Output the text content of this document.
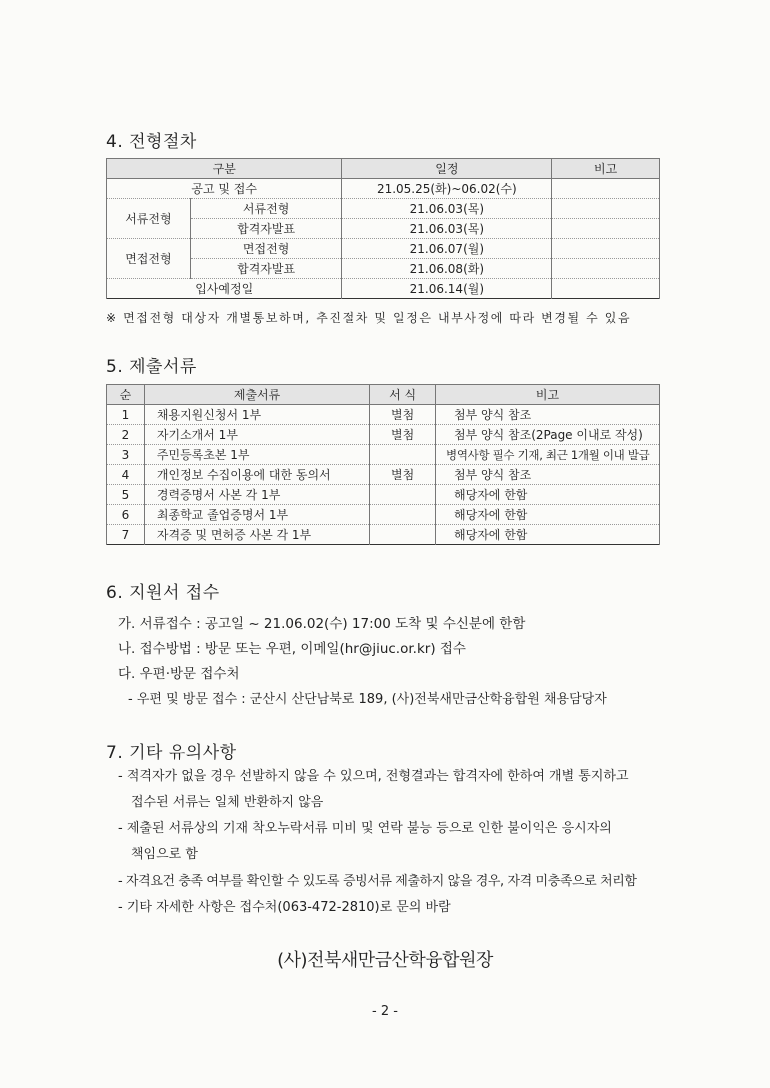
4. 전형절차
구분		일정	비고
공고 및 접수		21.05.25(화)~06.02(수)	
서류전형	서류전형	21.06.03(목)	
	합격자발표	21.06.03(목)	
면접전형	면접전형	21.06.07(월)	
	합격자발표	21.06.08(화)	
입사예정일		21.06.14(월)	
※ 면접전형 대상자 개별통보하며, 추진절차 및 일정은 내부사정에 따라 변경될 수 있음
5. 제출서류
순	제출서류	서 식	비고
1	채용지원신청서 1부	별첨	첨부 양식 참조
2	자기소개서 1부	별첨	첨부 양식 참조(2Page 이내로 작성)
3	주민등록초본 1부		병역사항 필수 기재, 최근 1개월 이내 발급
4	개인정보 수집이용에 대한 동의서	별첨	첨부 양식 참조
5	경력증명서 사본 각 1부		해당자에 한함
6	최종학교 졸업증명서 1부		해당자에 한함
7	자격증 및 면허증 사본 각 1부		해당자에 한함
6. 지원서 접수
가. 서류접수 : 공고일 ~ 21.06.02(수) 17:00 도착 및 수신분에 한함
나. 접수방법 : 방문 또는 우편, 이메일(hr@jiuc.or.kr) 접수
다. 우편·방문 접수처
- 우편 및 방문 접수 : 군산시 산단남북로 189, (사)전북새만금산학융합원 채용담당자
7. 기타 유의사항
- 적격자가 없을 경우 선발하지 않을 수 있으며, 전형결과는 합격자에 한하여 개별 통지하고
접수된 서류는 일체 반환하지 않음
- 제출된 서류상의 기재 착오누락서류 미비 및 연락 불능 등으로 인한 불이익은 응시자의
책임으로 함
- 자격요건 충족 여부를 확인할 수 있도록 증빙서류 제출하지 않을 경우, 자격 미충족으로 처리함
- 기타 자세한 사항은 접수처(063-472-2810)로 문의 바람
(사)전북새만금산학융합원장
- 2 -
